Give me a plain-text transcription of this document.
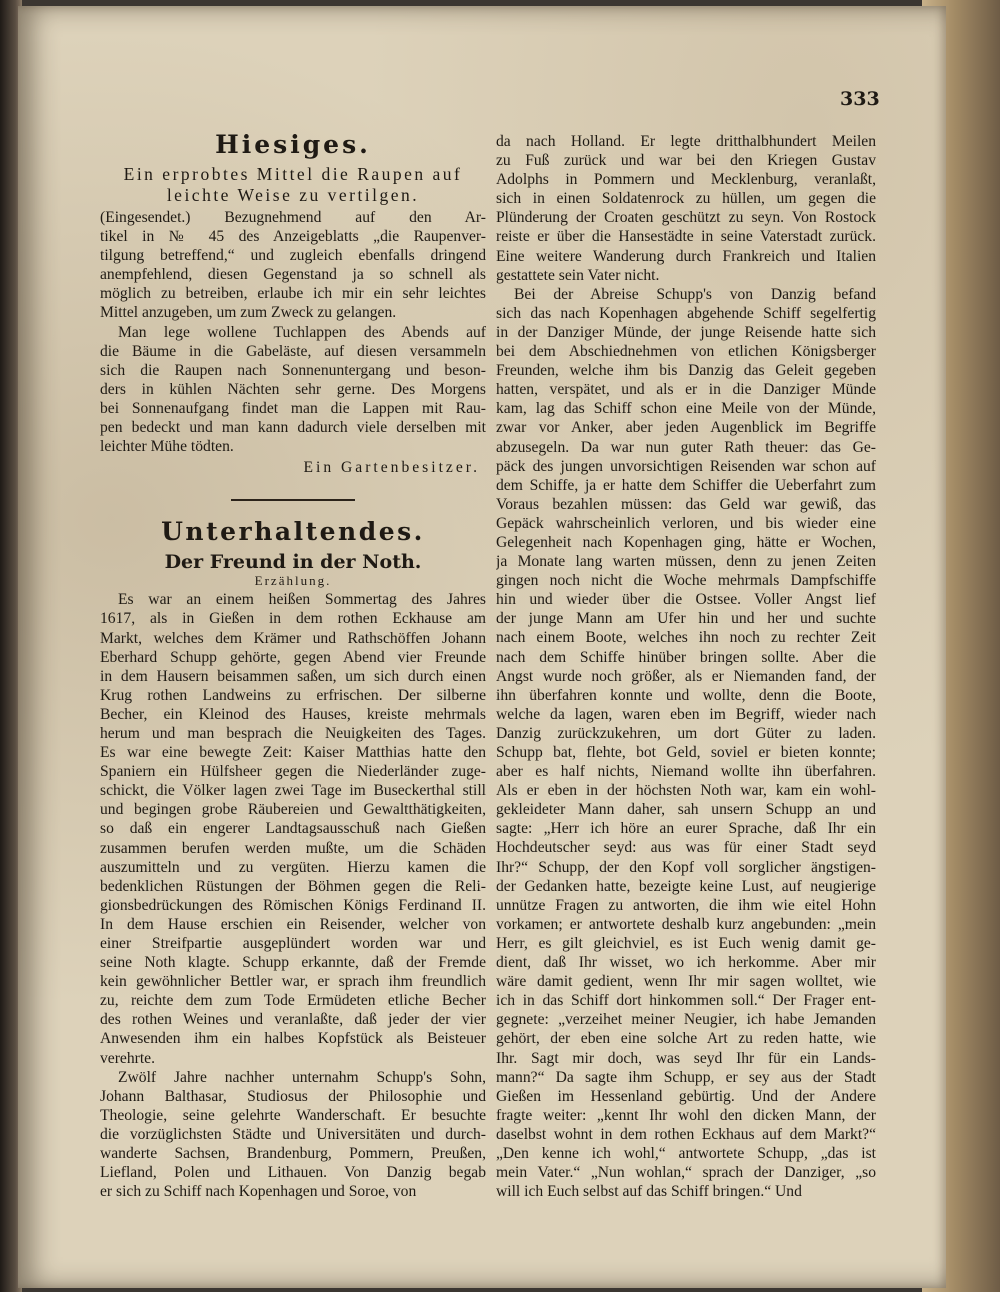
333
Hiesiges.
Ein erprobtes Mittel die Raupen auf
leichte Weise zu vertilgen.
(Eingesendet.) Bezugnehmend auf den Ar-
tikel in № 45 des Anzeigeblatts „die Raupenver-
tilgung betreffend,“ und zugleich ebenfalls dringend
anempfehlend, diesen Gegenstand ja so schnell als
möglich zu betreiben, erlaube ich mir ein sehr leichtes
Mittel anzugeben, um zum Zweck zu gelangen.
Man lege wollene Tuchlappen des Abends auf
die Bäume in die Gabeläste, auf diesen versammeln
sich die Raupen nach Sonnenuntergang und beson-
ders in kühlen Nächten sehr gerne. Des Morgens
bei Sonnenaufgang findet man die Lappen mit Rau-
pen bedeckt und man kann dadurch viele derselben mit
leichter Mühe tödten.
Ein Gartenbesitzer.
Unterhaltendes.
Der Freund in der Noth.
Erzählung.
Es war an einem heißen Sommertag des Jahres
1617, als in Gießen in dem rothen Eckhause am
Markt, welches dem Krämer und Rathschöffen Johann
Eberhard Schupp gehörte, gegen Abend vier Freunde
in dem Hausern beisammen saßen, um sich durch einen
Krug rothen Landweins zu erfrischen. Der silberne
Becher, ein Kleinod des Hauses, kreiste mehrmals
herum und man besprach die Neuigkeiten des Tages.
Es war eine bewegte Zeit: Kaiser Matthias hatte den
Spaniern ein Hülfsheer gegen die Niederländer zuge-
schickt, die Völker lagen zwei Tage im Buseckerthal still
und begingen grobe Räubereien und Gewaltthätigkeiten,
so daß ein engerer Landtagsausschuß nach Gießen
zusammen berufen werden mußte, um die Schäden
auszumitteln und zu vergüten. Hierzu kamen die
bedenklichen Rüstungen der Böhmen gegen die Reli-
gionsbedrückungen des Römischen Königs Ferdinand II.
In dem Hause erschien ein Reisender, welcher von
einer Streifpartie ausgeplündert worden war und
seine Noth klagte. Schupp erkannte, daß der Fremde
kein gewöhnlicher Bettler war, er sprach ihm freundlich
zu, reichte dem zum Tode Ermüdeten etliche Becher
des rothen Weines und veranlaßte, daß jeder der vier
Anwesenden ihm ein halbes Kopfstück als Beisteuer
verehrte.
Zwölf Jahre nachher unternahm Schupp's Sohn,
Johann Balthasar, Studiosus der Philosophie und
Theologie, seine gelehrte Wanderschaft. Er besuchte
die vorzüglichsten Städte und Universitäten und durch-
wanderte Sachsen, Brandenburg, Pommern, Preußen,
Liefland, Polen und Lithauen. Von Danzig begab
er sich zu Schiff nach Kopenhagen und Soroe, von
da nach Holland. Er legte dritthalbhundert Meilen
zu Fuß zurück und war bei den Kriegen Gustav
Adolphs in Pommern und Mecklenburg, veranlaßt,
sich in einen Soldatenrock zu hüllen, um gegen die
Plünderung der Croaten geschützt zu seyn. Von Rostock
reiste er über die Hansestädte in seine Vaterstadt zurück.
Eine weitere Wanderung durch Frankreich und Italien
gestattete sein Vater nicht.
Bei der Abreise Schupp's von Danzig befand
sich das nach Kopenhagen abgehende Schiff segelfertig
in der Danziger Münde, der junge Reisende hatte sich
bei dem Abschiednehmen von etlichen Königsberger
Freunden, welche ihm bis Danzig das Geleit gegeben
hatten, verspätet, und als er in die Danziger Münde
kam, lag das Schiff schon eine Meile von der Münde,
zwar vor Anker, aber jeden Augenblick im Begriffe
abzusegeln. Da war nun guter Rath theuer: das Ge-
päck des jungen unvorsichtigen Reisenden war schon auf
dem Schiffe, ja er hatte dem Schiffer die Ueberfahrt zum
Voraus bezahlen müssen: das Geld war gewiß, das
Gepäck wahrscheinlich verloren, und bis wieder eine
Gelegenheit nach Kopenhagen ging, hätte er Wochen,
ja Monate lang warten müssen, denn zu jenen Zeiten
gingen noch nicht die Woche mehrmals Dampfschiffe
hin und wieder über die Ostsee. Voller Angst lief
der junge Mann am Ufer hin und her und suchte
nach einem Boote, welches ihn noch zu rechter Zeit
nach dem Schiffe hinüber bringen sollte. Aber die
Angst wurde noch größer, als er Niemanden fand, der
ihn überfahren konnte und wollte, denn die Boote,
welche da lagen, waren eben im Begriff, wieder nach
Danzig zurückzukehren, um dort Güter zu laden.
Schupp bat, flehte, bot Geld, soviel er bieten konnte;
aber es half nichts, Niemand wollte ihn überfahren.
Als er eben in der höchsten Noth war, kam ein wohl-
gekleideter Mann daher, sah unsern Schupp an und
sagte: „Herr ich höre an eurer Sprache, daß Ihr ein
Hochdeutscher seyd: aus was für einer Stadt seyd
Ihr?“ Schupp, der den Kopf voll sorglicher ängstigen-
der Gedanken hatte, bezeigte keine Lust, auf neugierige
unnütze Fragen zu antworten, die ihm wie eitel Hohn
vorkamen; er antwortete deshalb kurz angebunden: „mein
Herr, es gilt gleichviel, es ist Euch wenig damit ge-
dient, daß Ihr wisset, wo ich herkomme. Aber mir
wäre damit gedient, wenn Ihr mir sagen wolltet, wie
ich in das Schiff dort hinkommen soll.“ Der Frager ent-
gegnete: „verzeihet meiner Neugier, ich habe Jemanden
gehört, der eben eine solche Art zu reden hatte, wie
Ihr. Sagt mir doch, was seyd Ihr für ein Lands-
mann?“ Da sagte ihm Schupp, er sey aus der Stadt
Gießen im Hessenland gebürtig. Und der Andere
fragte weiter: „kennt Ihr wohl den dicken Mann, der
daselbst wohnt in dem rothen Eckhaus auf dem Markt?“
„Den kenne ich wohl,“ antwortete Schupp, „das ist
mein Vater.“ „Nun wohlan,“ sprach der Danziger, „so
will ich Euch selbst auf das Schiff bringen.“ Und
